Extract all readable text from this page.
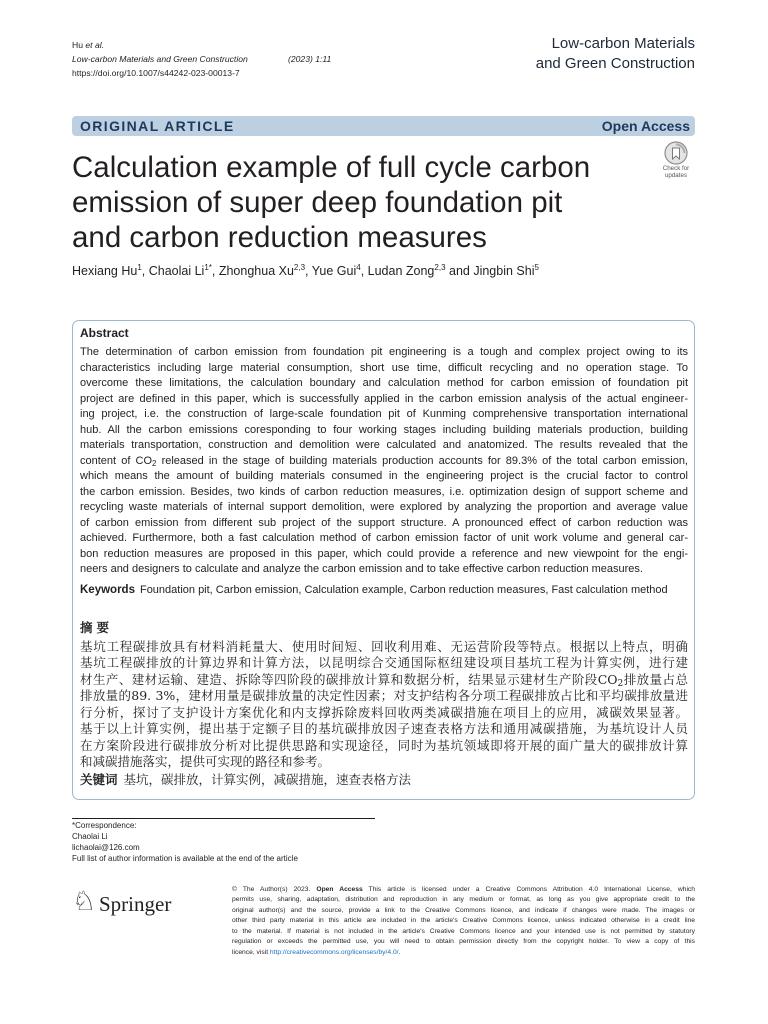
Hu et al.
Low-carbon Materials and Green Construction	(2023) 1:11
https://doi.org/10.1007/s44242-023-00013-7
Low-carbon Materials
and Green Construction
ORIGINAL ARTICLE	Open Access
Check for
updates
Calculation example of full cycle carbon
emission of super deep foundation pit
and carbon reduction measures
Hexiang Hu$^1$, Chaolai $Li^{1*}$, Zhonghua Xu$^{2,3}$, Yue Gui$^4$, Ludan Zong$^{2,3}$ and Jingbin Shi$^5$
Abstract
The determination of carbon emission from foundation pit engineering is a tough and complex project owing to its
characteristics including large material consumption, short use time, difficult recycling and no operation stage. To
overcome these limitations, the calculation boundary and calculation method for carbon emission of foundation pit
project are defined in this paper, which is successfully applied in the carbon emission analysis of the actual engineer-
ing project, i.e. the construction of large-scale foundation pit of Kunming comprehensive transportation international
hub. All the carbon emissions coresponding to four working stages including building materials production, building
materials transportation, construction and demolition were calculated and anatomized. The results revealed that the
content of CO2 released in the stage of building materials production accounts for 89.3% of the total carbon emission,
which means the amount of building materials consumed in the engineering project is the crucial factor to control
the carbon emission. Besides, two kinds of carbon reduction measures, i.e. optimization design of support scheme and
recycling waste materials of internal support demolition, were explored by analyzing the proportion and average value
of carbon emission from different sub project of the support structure. A pronounced effect of carbon reduction was
achieved. Furthermore, both a fast calculation method of carbon emission factor of unit work volume and general car-
bon reduction measures are proposed in this paper, which could provide a reference and new viewpoint for the engi-
neers and designers to calculate and analyze the carbon emission and to take effective carbon reduction measures.
Keywords Foundation pit, Carbon emission, Calculation example, Carbon reduction measures, Fast calculation method
摘要
基坑工程碳排放具有材料消耗量大、使用时间短、回收利用难、无运营阶段等特点。根据以上特点，明确
基坑工程碳排放的计算边界和计算方法，以昆明综合交通国际枢纽建设项目基坑工程为计算实例，进行建
材生产、建材运输、建造、拆除等四阶段的碳排放计算和数据分析，结果显示建材生产阶段CO2排放量占总
排放量的89. 3%，建材用量是碳排放量的决定性因素；对支护结构各分项工程碳排放占比和平均碳排放量进
行分析，探讨了支护设计方案优化和内支撑拆除废料回收两类减碳措施在项目上的应用，减碳效果显著。
基于以上计算实例，提出基于定额子目的基坑碳排放因子速查表格方法和通用减碳措施，为基坑设计人员
在方案阶段进行碳排放分析对比提供思路和实现途径，同时为基坑领域即将开展的面广量大的碳排放计算
和减碳措施落实，提供可实现的路径和参考。
关键词 基坑，碳排放，计算实例，减碳措施，速查表格方法
*Correspondence:
Chaolai Li
lichaolai@126.com
Full list of author information is available at the end of the article
♘ Springer
© The Author(s) 2023. Open Access This article is licensed under a Creative Commons Attribution 4.0 International License, which
permits use, sharing, adaptation, distribution and reproduction in any medium or format, as long as you give appropriate credit to the
original author(s) and the source, provide a link to the Creative Commons licence, and indicate if changes were made. The images or
other third party material in this article are included in the article's Creative Commons licence, unless indicated otherwise in a credit line
to the material. If material is not included in the article's Creative Commons licence and your intended use is not permitted by statutory
regulation or exceeds the permitted use, you will need to obtain permission directly from the copyright holder. To view a copy of this
licence, visit http://creativecommons.org/licenses/by/4.0/.
